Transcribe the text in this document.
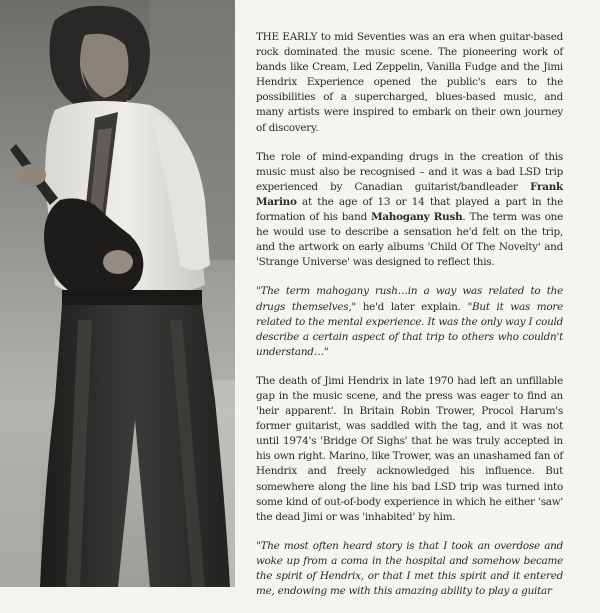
THE EARLY to mid Seventies was an era when guitar-based rock dominated the music scene. The pioneering work of bands like Cream, Led Zeppelin, Vanilla Fudge and the Jimi Hendrix Experience opened the public's ears to the possibilities of a supercharged, blues-based music, and many artists were inspired to embark on their own journey of discovery.

The role of mind-expanding drugs in the creation of this music must also be recognised – and it was a bad LSD trip experienced by Canadian guitarist/bandleader Frank Marino at the age of 13 or 14 that played a part in the formation of his band Mahogany Rush. The term was one he would use to describe a sensation he'd felt on the trip, and the artwork on early albums 'Child Of The Novelty' and 'Strange Universe' was designed to reflect this.

"The term mahogany rush…in a way was related to the drugs themselves," he'd later explain. "But it was more related to the mental experience. It was the only way I could describe a certain aspect of that trip to others who couldn't understand…"

The death of Jimi Hendrix in late 1970 had left an unfillable gap in the music scene, and the press was eager to find an 'heir apparent'. In Britain Robin Trower, Procol Harum's former guitarist, was saddled with the tag, and it was not until 1974's 'Bridge Of Sighs' that he was truly accepted in his own right. Marino, like Trower, was an unashamed fan of Hendrix and freely acknowledged his influence. But somewhere along the line his bad LSD trip was turned into some kind of out-of-body experience in which he either 'saw' the dead Jimi or was 'inhabited' by him.

"The most often heard story is that I took an overdose and woke up from a coma in the hospital and somehow became the spirit of Hendrix, or that I met this spirit and it entered me, endowing me with this amazing ability to play a guitar
